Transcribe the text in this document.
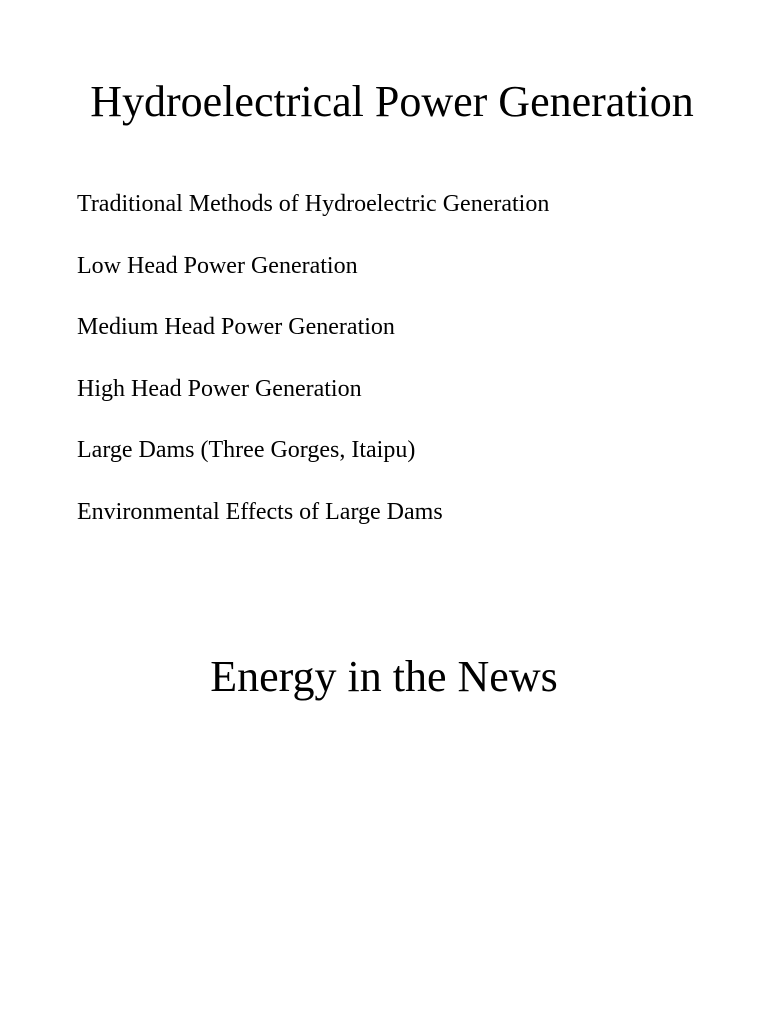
Hydroelectrical Power Generation
Traditional Methods of Hydroelectric Generation
Low Head Power Generation
Medium Head Power Generation
High Head Power Generation
Large Dams (Three Gorges, Itaipu)
Environmental Effects of Large Dams
Energy in the News
